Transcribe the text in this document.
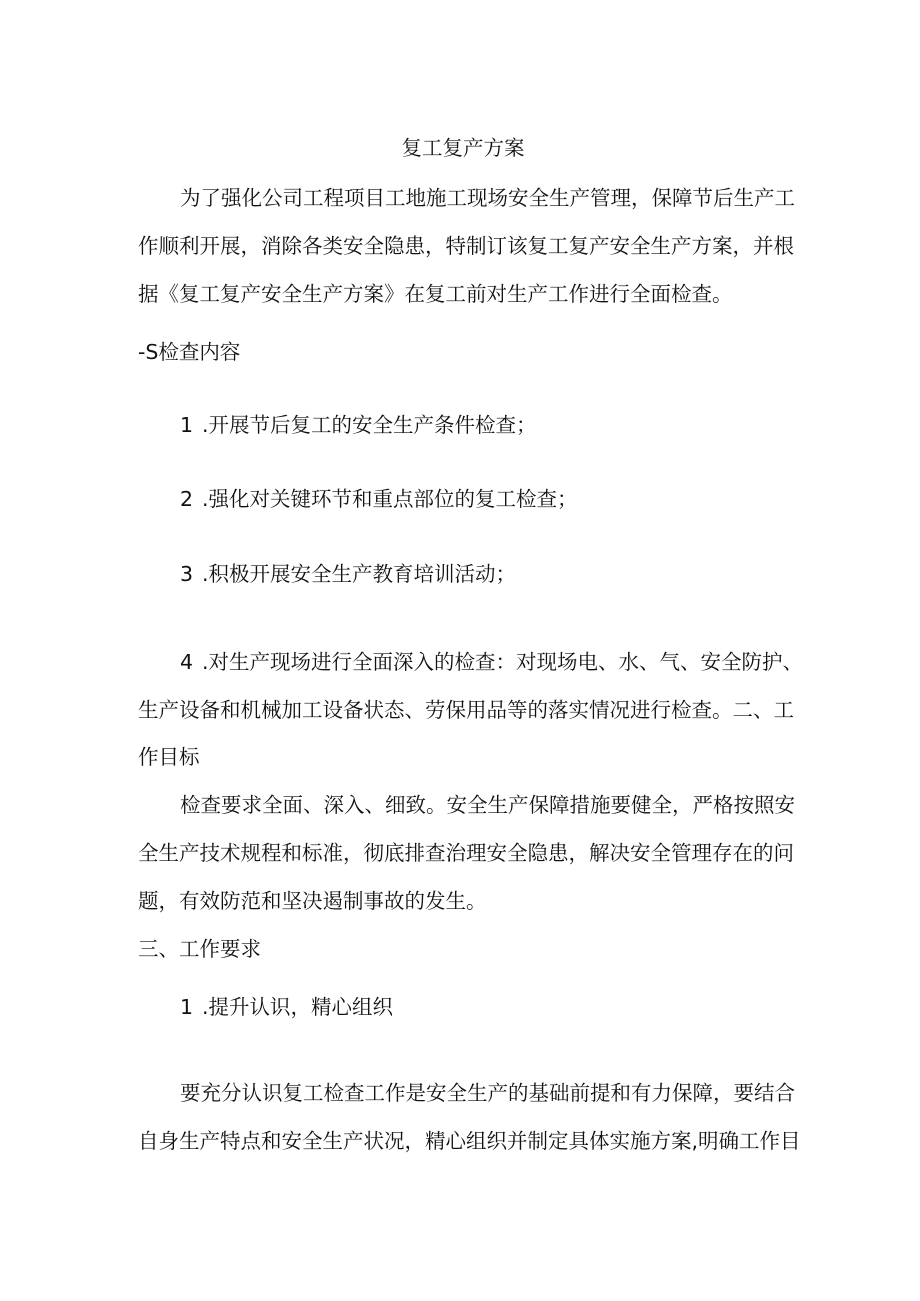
复工复产方案
为了强化公司工程项目工地施工现场安全生产管理，保障节后生产工
作顺利开展，消除各类安全隐患，特制订该复工复产安全生产方案，并根
据《复工复产安全生产方案》在复工前对生产工作进行全面检查。
-S检查内容
1 .开展节后复工的安全生产条件检查；
2 .强化对关键环节和重点部位的复工检查；
3 .积极开展安全生产教育培训活动；
4 .对生产现场进行全面深入的检查：对现场电、水、气、安全防护、
生产设备和机械加工设备状态、劳保用品等的落实情况进行检查。二、工
作目标
检查要求全面、深入、细致。安全生产保障措施要健全，严格按照安
全生产技术规程和标准，彻底排查治理安全隐患，解决安全管理存在的问
题，有效防范和坚决遏制事故的发生。
三、工作要求
1 .提升认识，精心组织
要充分认识复工检查工作是安全生产的基础前提和有力保障，要结合
自身生产特点和安全生产状况，精心组织并制定具体实施方案,明确工作目
